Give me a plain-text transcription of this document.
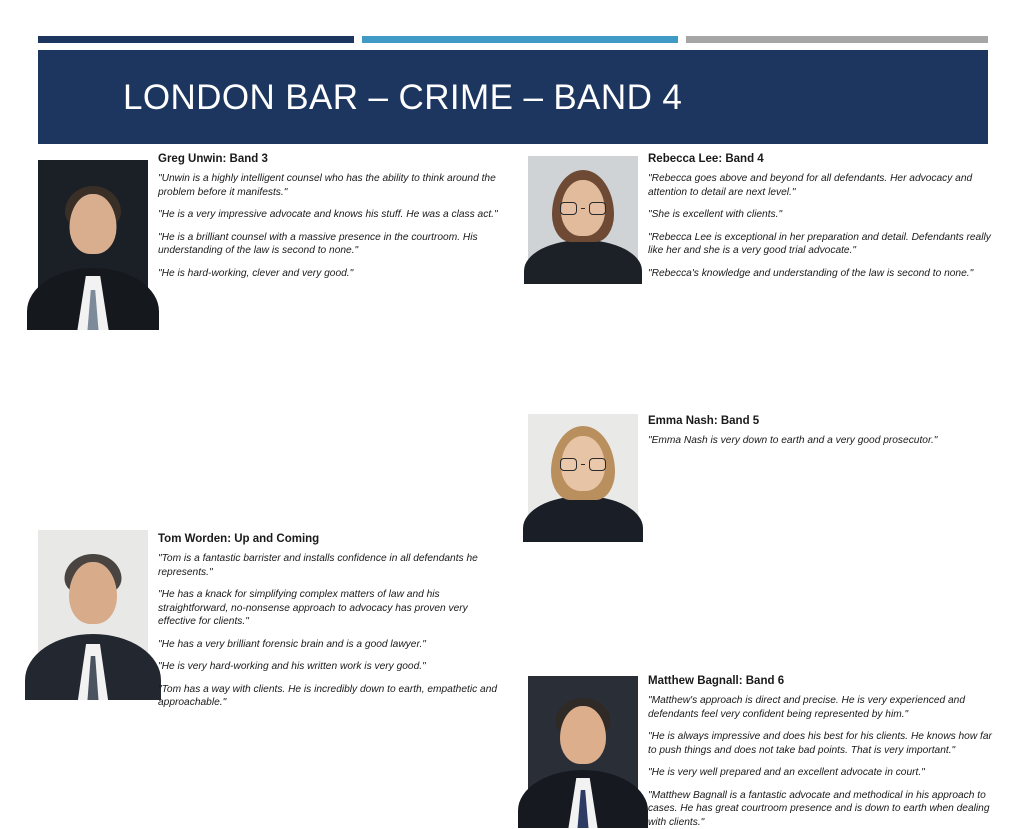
LONDON BAR – CRIME – BAND 4
Greg Unwin: Band 3
"Unwin is a highly intelligent counsel who has the ability to think around the problem before it manifests."
"He is a very impressive advocate and knows his stuff. He was a class act."
"He is a brilliant counsel with a massive presence in the courtroom. His understanding of the law is second to none."
"He is hard-working, clever and very good."
Tom Worden: Up and Coming
"Tom is a fantastic barrister and installs confidence in all defendants he represents."
"He has a knack for simplifying complex matters of law and his straightforward, no-nonsense approach to advocacy has proven very effective for clients."
"He has a very brilliant forensic brain and is a good lawyer."
"He is very hard-working and his written work is very good."
"Tom has a way with clients. He is incredibly down to earth, empathetic and approachable."
Rebecca Lee: Band 4
"Rebecca goes above and beyond for all defendants. Her advocacy and attention to detail are next level."
"She is excellent with clients."
"Rebecca Lee is exceptional in her preparation and detail. Defendants really like her and she is a very good trial advocate."
"Rebecca's knowledge and understanding of the law is second to none."
Emma Nash: Band 5
"Emma Nash is very down to earth and a very good prosecutor."
Matthew Bagnall: Band 6
"Matthew's approach is direct and precise. He is very experienced and defendants feel very confident being represented by him."
"He is always impressive and does his best for his clients. He knows how far to push things and does not take bad points. That is very important."
"He is very well prepared and an excellent advocate in court."
"Matthew Bagnall is a fantastic advocate and methodical in his approach to cases. He has great courtroom presence and is down to earth when dealing with clients."
